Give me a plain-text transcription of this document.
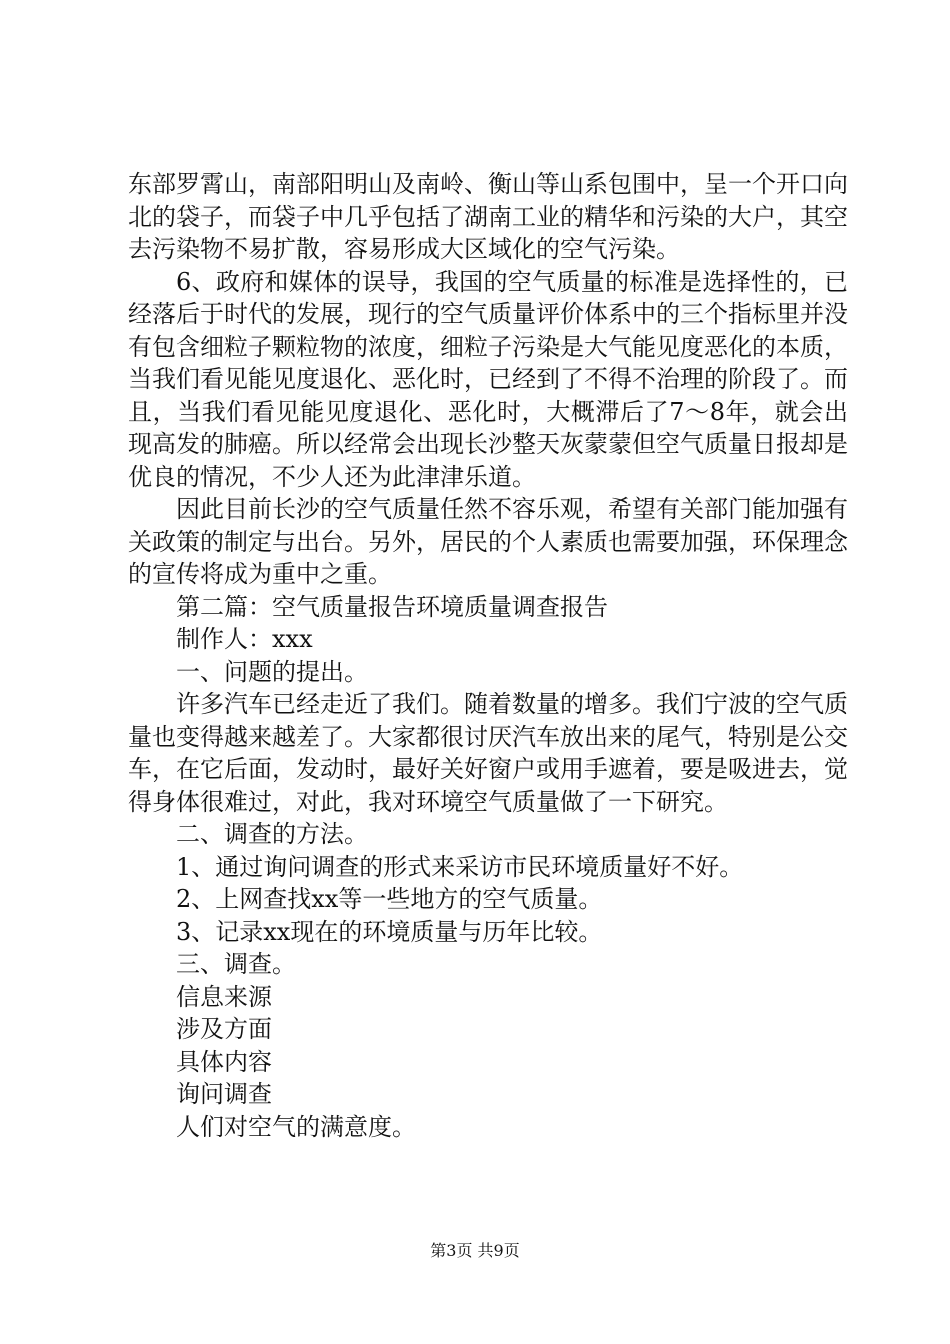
东部罗霄山，南部阳明山及南岭、衡山等山系包围中，呈一个开口向北的袋子，而袋子中几乎包括了湖南工业的精华和污染的大户，其空去污染物不易扩散，容易形成大区域化的空气污染。

6、政府和媒体的误导，我国的空气质量的标准是选择性的，已经落后于时代的发展，现行的空气质量评价体系中的三个指标里并没有包含细粒子颗粒物的浓度，细粒子污染是大气能见度恶化的本质，当我们看见能见度退化、恶化时，已经到了不得不治理的阶段了。而且，当我们看见能见度退化、恶化时，大概滞后了7～8年，就会出现高发的肺癌。所以经常会出现长沙整天灰蒙蒙但空气质量日报却是优良的情况，不少人还为此津津乐道。

因此目前长沙的空气质量任然不容乐观，希望有关部门能加强有关政策的制定与出台。另外，居民的个人素质也需要加强，环保理念的宣传将成为重中之重。

第二篇：空气质量报告环境质量调查报告

制作人：xxx

一、问题的提出。

许多汽车已经走近了我们。随着数量的增多。我们宁波的空气质量也变得越来越差了。大家都很讨厌汽车放出来的尾气，特别是公交车，在它后面，发动时，最好关好窗户或用手遮着，要是吸进去，觉得身体很难过，对此，我对环境空气质量做了一下研究。

二、调查的方法。

1、通过询问调查的形式来采访市民环境质量好不好。

2、上网查找xx等一些地方的空气质量。

3、记录xx现在的环境质量与历年比较。

三、调查。

信息来源

涉及方面

具体内容

询问调查

人们对空气的满意度。

第3页 共9页
